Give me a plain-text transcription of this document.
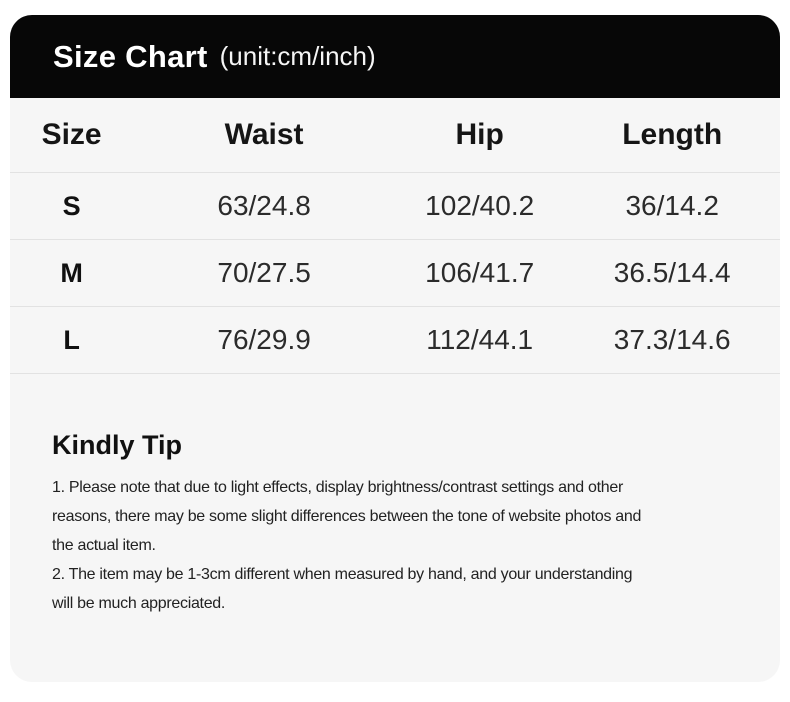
Size Chart (unit:cm/inch)
Size	Waist	Hip	Length
S	63/24.8	102/40.2	36/14.2
M	70/27.5	106/41.7	36.5/14.4
L	76/29.9	112/44.1	37.3/14.6
Kindly Tip
1. Please note that due to light effects, display brightness/contrast settings and other
reasons, there may be some slight differences between the tone of website photos and
the actual item.
2. The item may be 1-3cm different when measured by hand, and your understanding
will be much appreciated.
